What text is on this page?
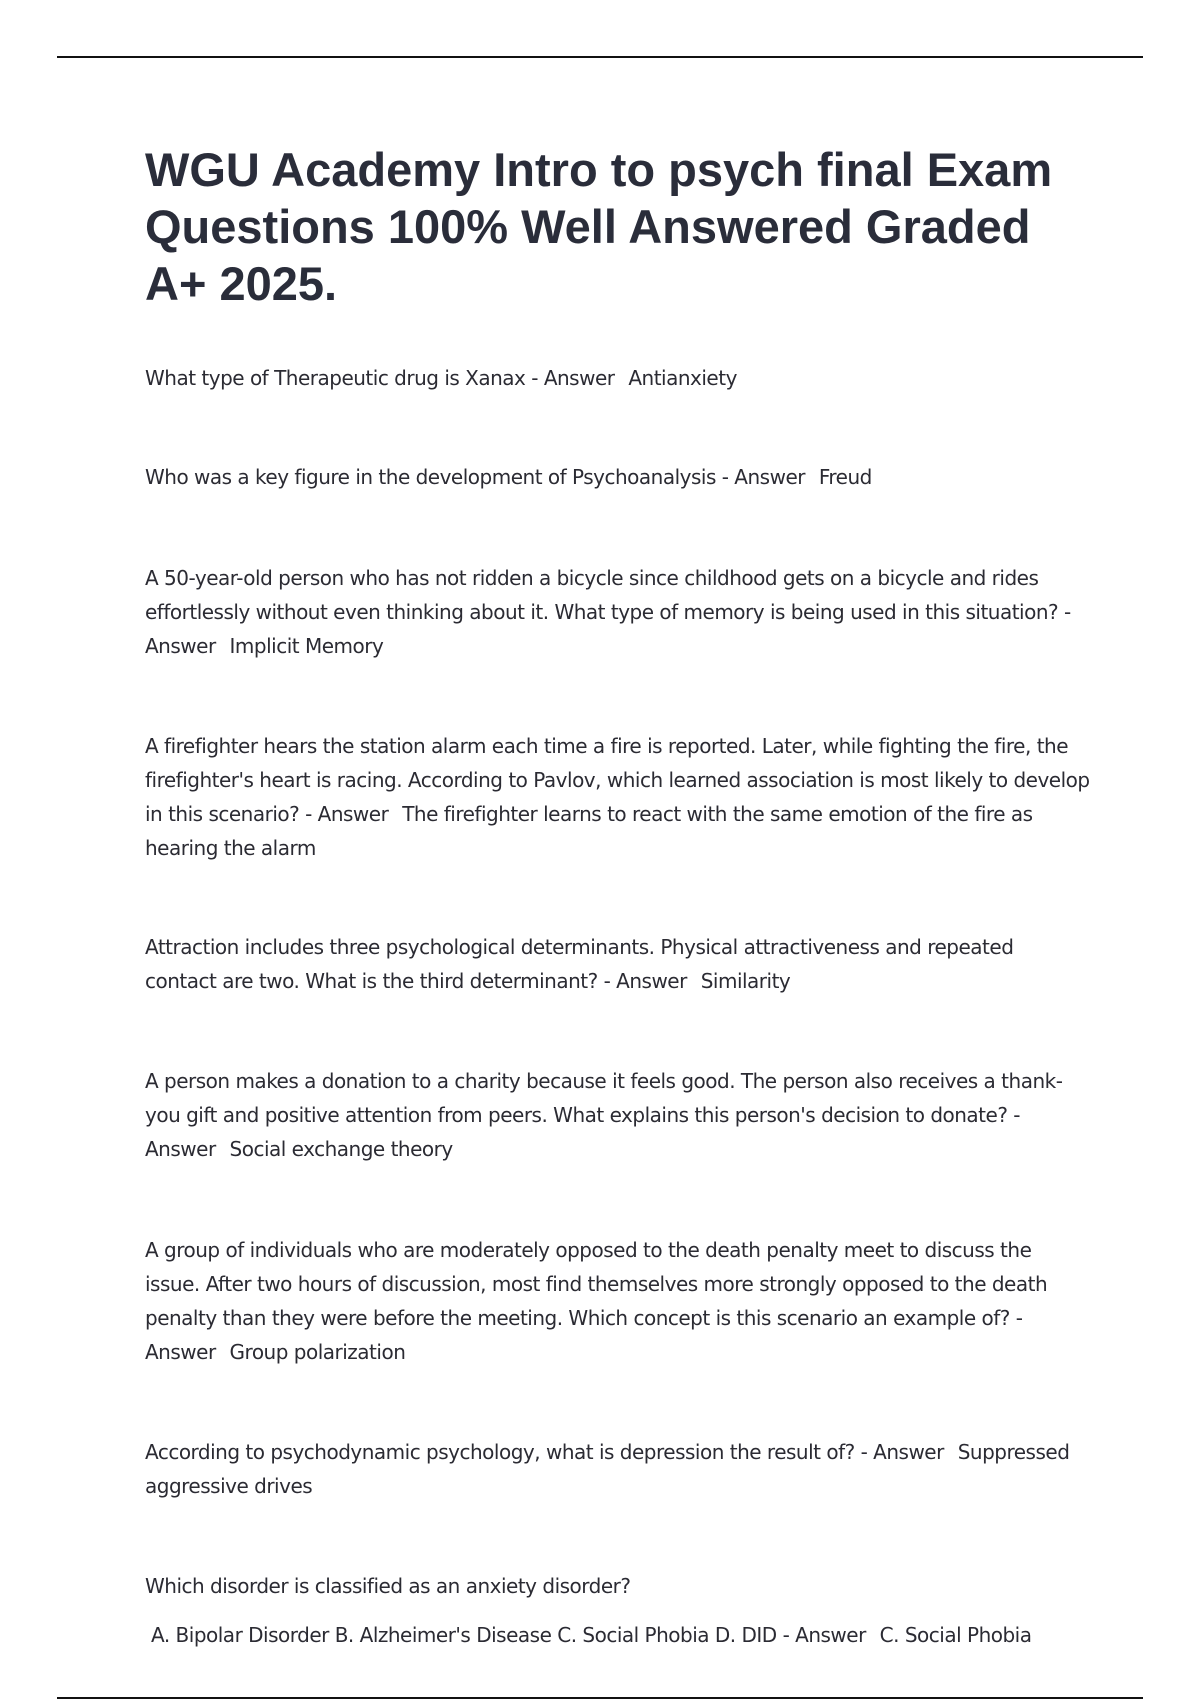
WGU Academy Intro to psych final Exam Questions 100% Well Answered Graded A+ 2025.

What type of Therapeutic drug is Xanax - Answer Antianxiety

Who was a key figure in the development of Psychoanalysis - Answer Freud

A 50-year-old person who has not ridden a bicycle since childhood gets on a bicycle and rides effortlessly without even thinking about it. What type of memory is being used in this situation? - Answer Implicit Memory

A firefighter hears the station alarm each time a fire is reported. Later, while fighting the fire, the firefighter's heart is racing. According to Pavlov, which learned association is most likely to develop in this scenario? - Answer The firefighter learns to react with the same emotion of the fire as hearing the alarm

Attraction includes three psychological determinants. Physical attractiveness and repeated contact are two. What is the third determinant? - Answer Similarity

A person makes a donation to a charity because it feels good. The person also receives a thank-you gift and positive attention from peers. What explains this person's decision to donate? - Answer Social exchange theory

A group of individuals who are moderately opposed to the death penalty meet to discuss the issue. After two hours of discussion, most find themselves more strongly opposed to the death penalty than they were before the meeting. Which concept is this scenario an example of? - Answer Group polarization

According to psychodynamic psychology, what is depression the result of? - Answer Suppressed aggressive drives

Which disorder is classified as an anxiety disorder?

A. Bipolar Disorder B. Alzheimer's Disease C. Social Phobia D. DID - Answer C. Social Phobia
